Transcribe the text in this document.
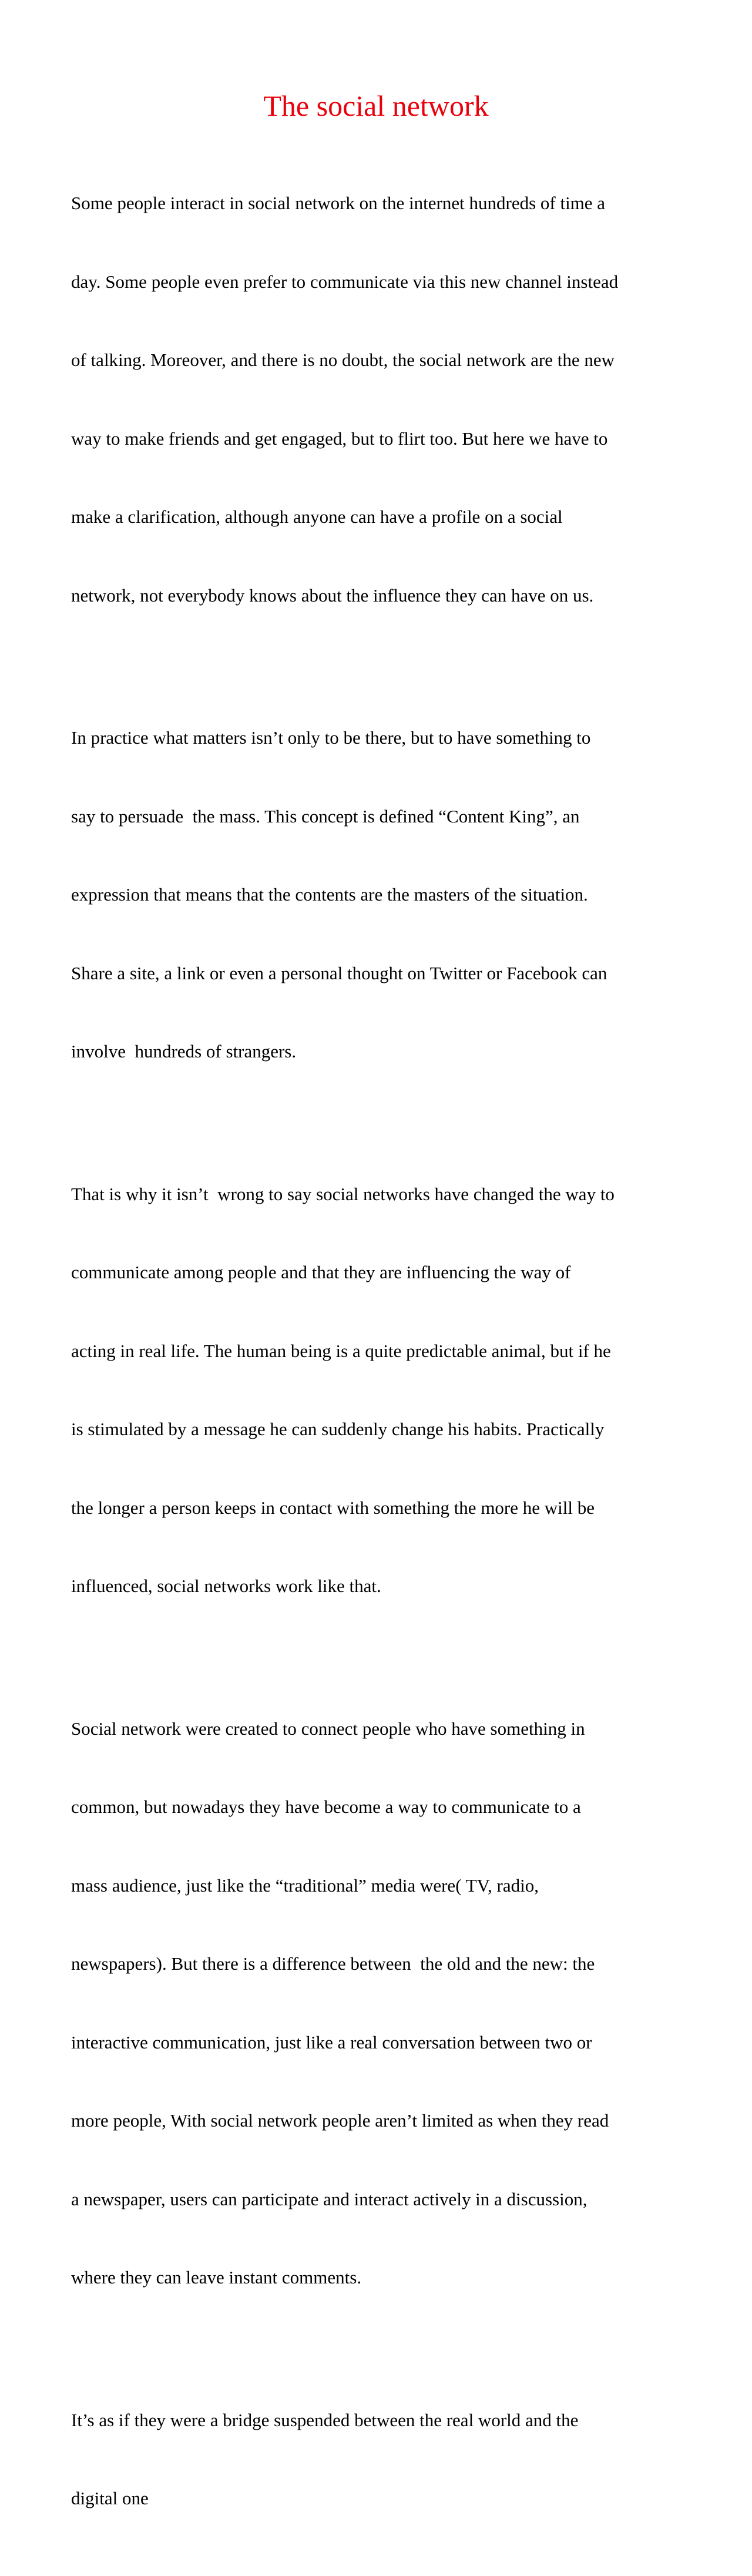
The social network

Some people interact in social network on the internet hundreds of time a

day. Some people even prefer to communicate via this new channel instead

of talking. Moreover, and there is no doubt, the social network are the new

way to make friends and get engaged, but to flirt too. But here we have to

make a clarification, although anyone can have a profile on a social

network, not everybody knows about the influence they can have on us.

In practice what matters isn’t only to be there, but to have something to

say to persuade  the mass. This concept is defined “Content King”, an

expression that means that the contents are the masters of the situation.

Share a site, a link or even a personal thought on Twitter or Facebook can

involve  hundreds of strangers.

That is why it isn’t  wrong to say social networks have changed the way to

communicate among people and that they are influencing the way of

acting in real life. The human being is a quite predictable animal, but if he

is stimulated by a message he can suddenly change his habits. Practically

the longer a person keeps in contact with something the more he will be

influenced, social networks work like that.

Social network were created to connect people who have something in

common, but nowadays they have become a way to communicate to a

mass audience, just like the “traditional” media were( TV, radio,

newspapers). But there is a difference between  the old and the new: the

interactive communication, just like a real conversation between two or

more people, With social network people aren’t limited as when they read

a newspaper, users can participate and interact actively in a discussion,

where they can leave instant comments.

It’s as if they were a bridge suspended between the real world and the

digital one
